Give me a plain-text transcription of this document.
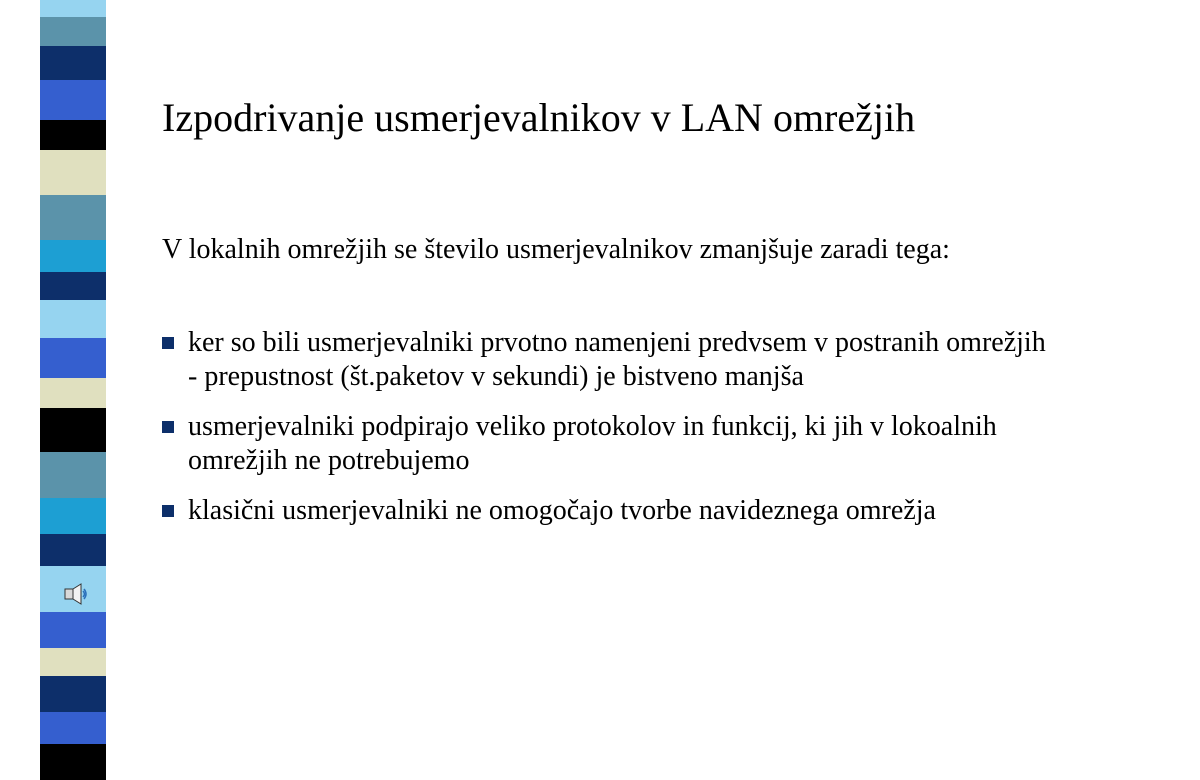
Izpodrivanje usmerjevalnikov v LAN omrežjih
V lokalnih omrežjih se število usmerjevalnikov zmanjšuje zaradi tega:
ker so bili usmerjevalniki prvotno namenjeni predvsem v postranih omrežjih
- prepustnost (št.paketov v sekundi) je bistveno manjša
usmerjevalniki podpirajo veliko protokolov in funkcij, ki jih v lokoalnih
omrežjih ne potrebujemo
klasični usmerjevalniki ne omogočajo tvorbe navideznega omrežja
